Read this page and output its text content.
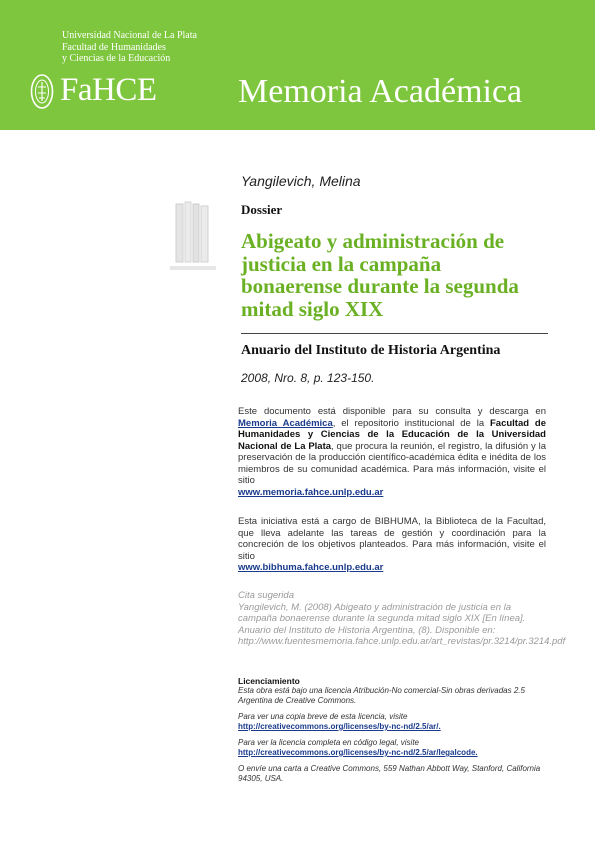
Universidad Nacional de La Plata
Facultad de Humanidades
y Ciencias de la Educación
FaHCE Memoria Académica
Yangilevich, Melina
Dossier
Abigeato y administración de justicia en la campaña bonaerense durante la segunda mitad siglo XIX
Anuario del Instituto de Historia Argentina
2008, Nro. 8, p. 123-150.
Este documento está disponible para su consulta y descarga en Memoria Académica, el repositorio institucional de la Facultad de Humanidades y Ciencias de la Educación de la Universidad Nacional de La Plata, que procura la reunión, el registro, la difusión y la preservación de la producción científico-académica édita e inédita de los miembros de su comunidad académica. Para más información, visite el sitio
www.memoria.fahce.unlp.edu.ar
Esta iniciativa está a cargo de BIBHUMA, la Biblioteca de la Facultad, que lleva adelante las tareas de gestión y coordinación para la concreción de los objetivos planteados. Para más información, visite el sitio
www.bibhuma.fahce.unlp.edu.ar
Cita sugerida
Yangilevich, M. (2008) Abigeato y administración de justicia en la campaña bonaerense durante la segunda mitad siglo XIX [En línea]. Anuario del Instituto de Historia Argentina, (8). Disponible en: http://www.fuentesmemoria.fahce.unlp.edu.ar/art_revistas/pr.3214/pr.3214.pdf
Licenciamiento
Esta obra está bajo una licencia Atribución-No comercial-Sin obras derivadas 2.5 Argentina de Creative Commons.
Para ver una copia breve de esta licencia, visite
http://creativecommons.org/licenses/by-nc-nd/2.5/ar/.
Para ver la licencia completa en código legal, visite
http://creativecommons.org/licenses/by-nc-nd/2.5/ar/legalcode.
O envíe una carta a Creative Commons, 559 Nathan Abbott Way, Stanford, California 94305, USA.
